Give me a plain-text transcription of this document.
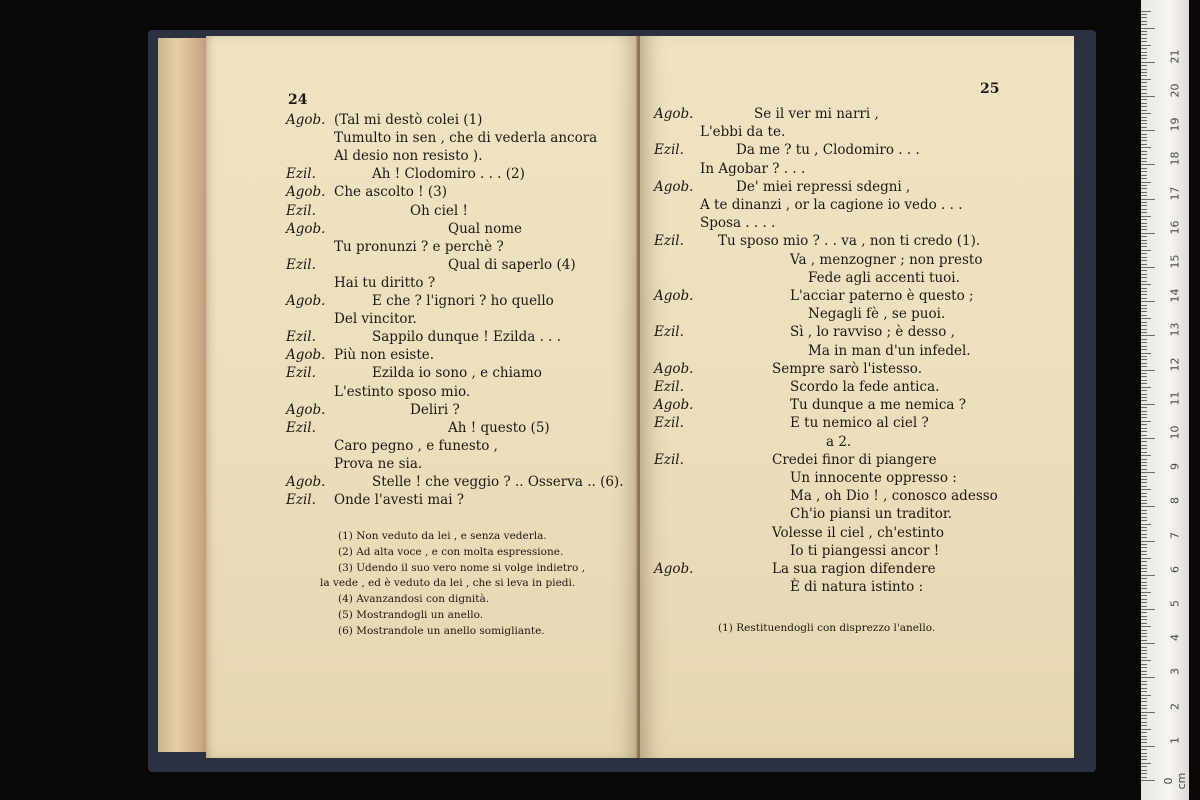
24
Agob. (Tal mi destò colei (1)
Tumulto in sen , che di vederla ancora
Al desio non resisto ).
Ezil.	Ah ! Clodomiro . . . (2)
Agob. Che ascolto ! (3)
Ezil.	Oh ciel !
Agob.	Qual nome
Tu pronunzi ? e perchè ?
Ezil.	Qual di saperlo (4)
Hai tu diritto ?
Agob.	E che ? l'ignori ? ho quello
Del vincitor.
Ezil.	Sappilo dunque ! Ezilda . . .
Agob. Più non esiste.
Ezil.	Ezilda io sono , e chiamo
L'estinto sposo mio.
Agob.	Deliri ?
Ezil.	Ah ! questo (5)
Caro pegno , e funesto ,
Prova ne sia.
Agob.	Stelle ! che veggio ? .. Osserva .. (6).
Ezil. Onde l'avesti mai ?
(1) Non veduto da lei , e senza vederla.
(2) Ad alta voce , e con molta espressione.
(3) Udendo il suo vero nome si volge indietro ,
la vede , ed è veduto da lei , che si leva in piedi.
(4) Avanzandosi con dignità.
(5) Mostrandogli un anello.
(6) Mostrandole un anello somigliante.
25
Agob.	Se il ver mi narri ,
L'ebbi da te.
Ezil.	Da me ? tu , Clodomiro . . .
In Agobar ? . . .
Agob.	De' miei repressi sdegni ,
A te dinanzi , or la cagione io vedo . . .
Sposa . . . .
Ezil.	Tu sposo mio ? . . va , non ti credo (1).
Va , menzogner ; non presto
Fede agli accenti tuoi.
Agob.	L'acciar paterno è questo ;
Negagli fè , se puoi.
Ezil.	Sì , lo ravviso ; è desso ,
Ma in man d'un infedel.
Agob.	Sempre sarò l'istesso.
Ezil.	Scordo la fede antica.
Agob.	Tu dunque a me nemica ?
Ezil.	E tu nemico al ciel ?
a 2.
Ezil.	Credei finor di piangere
Un innocente oppresso :
Ma , oh Dio ! , conosco adesso
Ch'io piansi un traditor.
Volesse il ciel , ch'estinto
Io ti piangessi ancor !
Agob.	La sua ragion difendere
È di natura istinto :
(1) Restituendogli con disprezzo l'anello.
0 cm
1
2
3
4
5
6
7
8
9
10
11
12
13
14
15
16
17
18
19
20
21
